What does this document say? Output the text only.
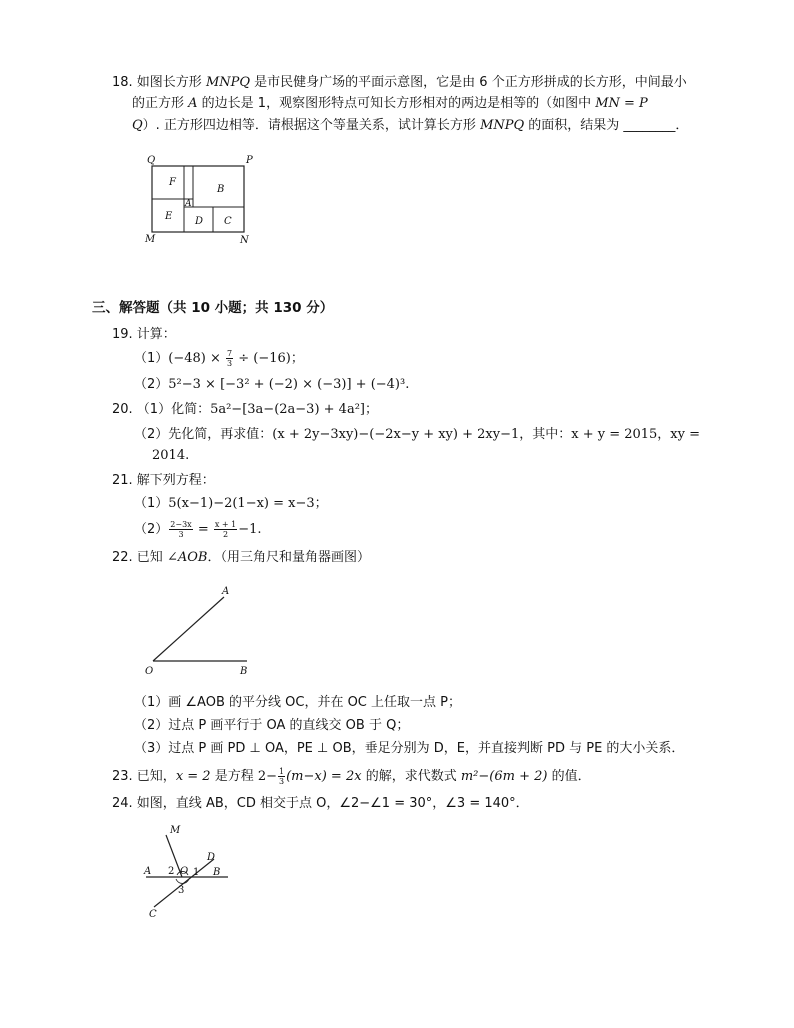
18. 如图长方形 MNPQ 是市民健身广场的平面示意图，它是由 6 个正方形拼成的长方形，中间最小
的正方形 A 的边长是 1，观察图形特点可知长方形相对的两边是相等的（如图中 MN = P
Q）. 正方形四边相等．请根据这个等量关系，试计算长方形 MNPQ 的面积，结果为 ________．
Q	P
M	N
F
B
E
A
D C
三、解答题（共 10 小题；共 130 分）
19. 计算：
$(1)(-48) \times \frac{7}{3} \div (-16)$；
（2）5²−3 × [−3² + (−2) × (−3)] + (−4)³.
20. （1）化简：5a²−[3a−(2a−3) + 4a²]；
（2）先化简，再求值：(x + 2y−3xy)−(−2x−y + xy) + 2xy−1，其中：x + y = 2015，xy =
2014.
21. 解下列方程：
（1）5(x−1)−2(1−x) = x−3；
$(2) \frac{2-3x}{3} = \frac{x + 1}{2} -1$.
22. 已知 ∠AOB．（用三角尺和量角器画图）
A
O	B
（1）画 ∠AOB 的平分线 OC，并在 OC 上任取一点 P；
（2）过点 P 画平行于 OA 的直线交 OB 于 Q；
（3）过点 P 画 PD ⊥ OA，PE ⊥ OB，垂足分别为 D，E，并直接判断 PD 与 PE 的大小关系．
23. 已知，x = 2 是方程 $2- \frac{1}{3} (m-x) = 2x$ 的解，求代数式 m²−(6m + 2) 的值．
24. 如图，直线 AB，CD 相交于点 O，∠2−∠1 = 30°，∠3 = 140°．
M
A 2 O 1 B
D
3
C
